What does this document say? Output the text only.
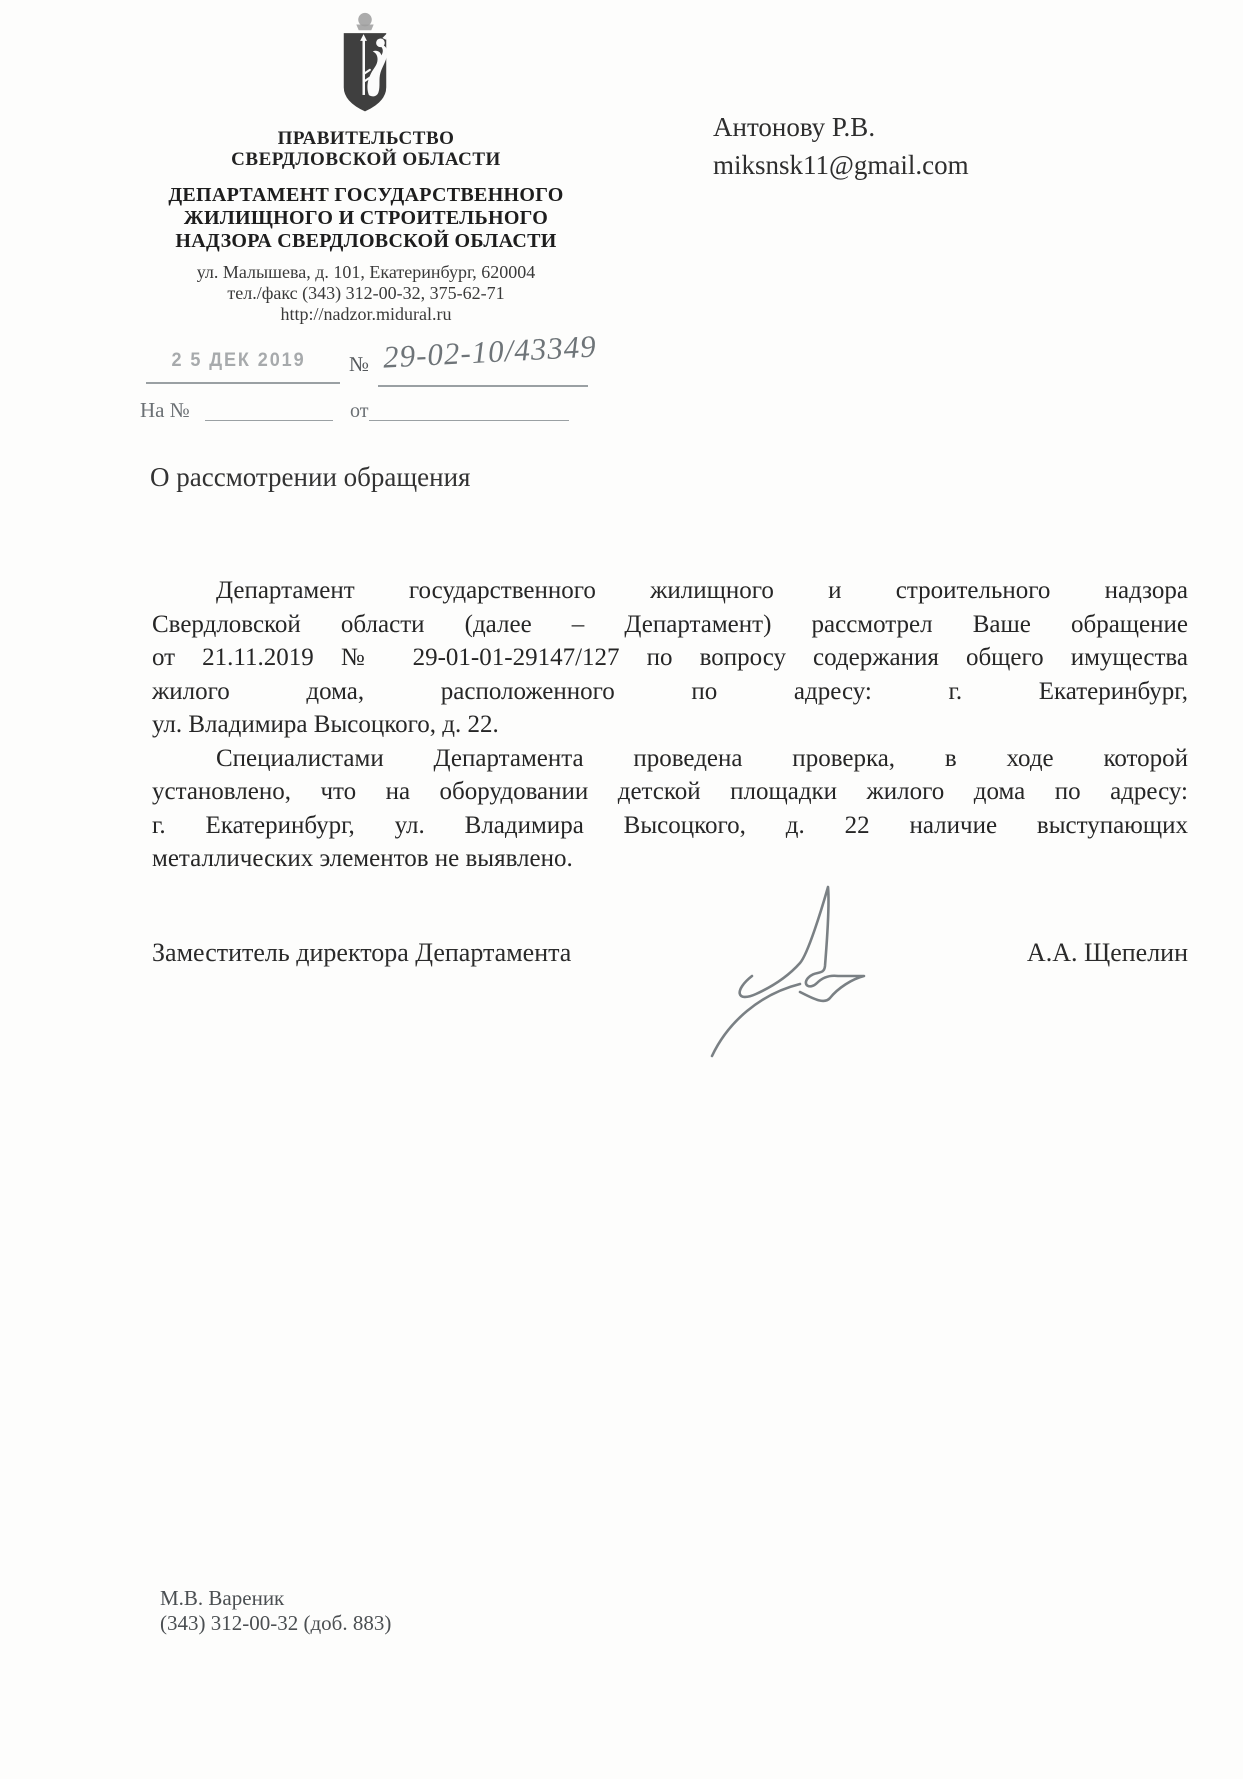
ПРАВИТЕЛЬСТВО
СВЕРДЛОВСКОЙ ОБЛАСТИ
ДЕПАРТАМЕНТ ГОСУДАРСТВЕННОГО
ЖИЛИЩНОГО И СТРОИТЕЛЬНОГО
НАДЗОРА СВЕРДЛОВСКОЙ ОБЛАСТИ
ул. Малышева, д. 101, Екатеринбург, 620004
тел./факс (343) 312-00-32, 375-62-71
http://nadzor.midural.ru
Антонову Р.В.
miksnsk11@gmail.com
2 5 ДЕК 2019 № 29-02-10/43349
На №	от
О рассмотрении обращения
Департамент государственного жилищного и строительного надзора
Свердловской области (далее – Департамент) рассмотрел Ваше обращение
от 21.11.2019 № 29-01-01-29147/127 по вопросу содержания общего имущества
жилого дома, расположенного по адресу: г. Екатеринбург,
ул. Владимира Высоцкого, д. 22.
Специалистами Департамента проведена проверка, в ходе которой
установлено, что на оборудовании детской площадки жилого дома по адресу:
г. Екатеринбург, ул. Владимира Высоцкого, д. 22 наличие выступающих
металлических элементов не выявлено.
Заместитель директора Департамента	А.А. Щепелин
М.В. Вареник
(343) 312-00-32 (доб. 883)
